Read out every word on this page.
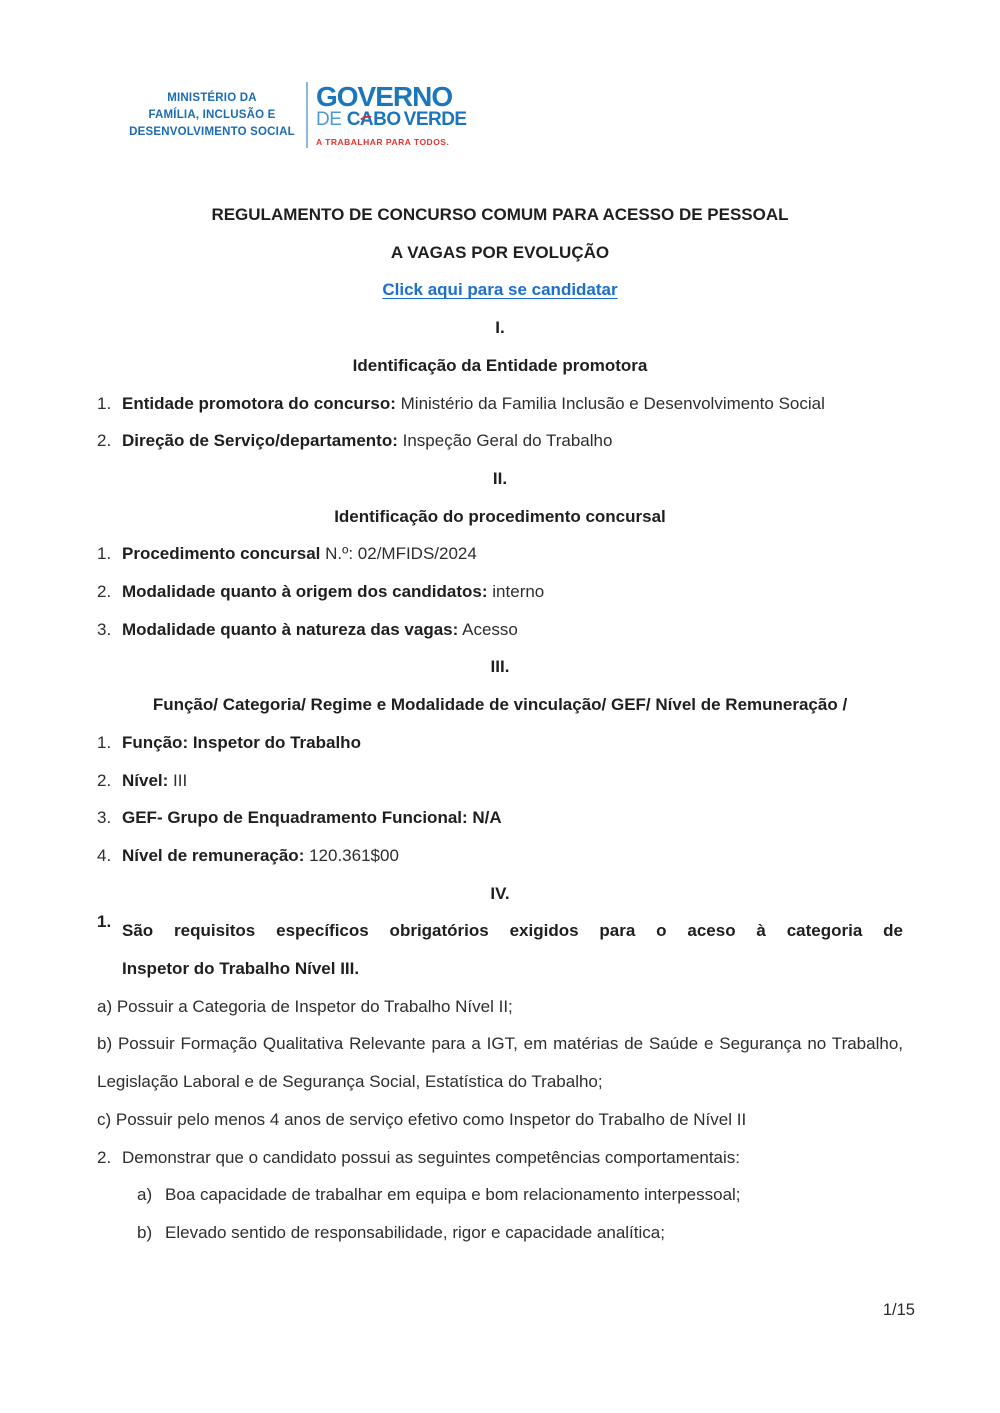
MINISTÉRIO DA
FAMÍLIA, INCLUSÃO E
DESENVOLVIMENTO SOCIAL
GOVERNO
DE CABO VERDE
A TRABALHAR PARA TODOS.
REGULAMENTO DE CONCURSO COMUM PARA ACESSO DE PESSOAL
A VAGAS POR EVOLUÇÃO
Click aqui para se candidatar
I.
Identificação da Entidade promotora
1. Entidade promotora do concurso: Ministério da Familia Inclusão e Desenvolvimento Social
2. Direção de Serviço/departamento: Inspeção Geral do Trabalho
II.
Identificação do procedimento concursal
1. Procedimento concursal N.º: 02/MFIDS/2024
2. Modalidade quanto à origem dos candidatos: interno
3. Modalidade quanto à natureza das vagas: Acesso
III.
Função/ Categoria/ Regime e Modalidade de vinculação/ GEF/ Nível de Remuneração /
1. Função: Inspetor do Trabalho
2. Nível: III
3. GEF- Grupo de Enquadramento Funcional: N/A
4. Nível de remuneração: 120.361$00
IV.
1. São requisitos específicos obrigatórios exigidos para o aceso à categoria de
Inspetor do Trabalho Nível III.
a) Possuir a Categoria de Inspetor do Trabalho Nível II;
b) Possuir Formação Qualitativa Relevante para a IGT, em matérias de Saúde e Segurança no Trabalho, Legislação Laboral e de Segurança Social, Estatística do Trabalho;
c) Possuir pelo menos 4 anos de serviço efetivo como Inspetor do Trabalho de Nível II
2. Demonstrar que o candidato possui as seguintes competências comportamentais:
a) Boa capacidade de trabalhar em equipa e bom relacionamento interpessoal;
b) Elevado sentido de responsabilidade, rigor e capacidade analítica;
1/15
